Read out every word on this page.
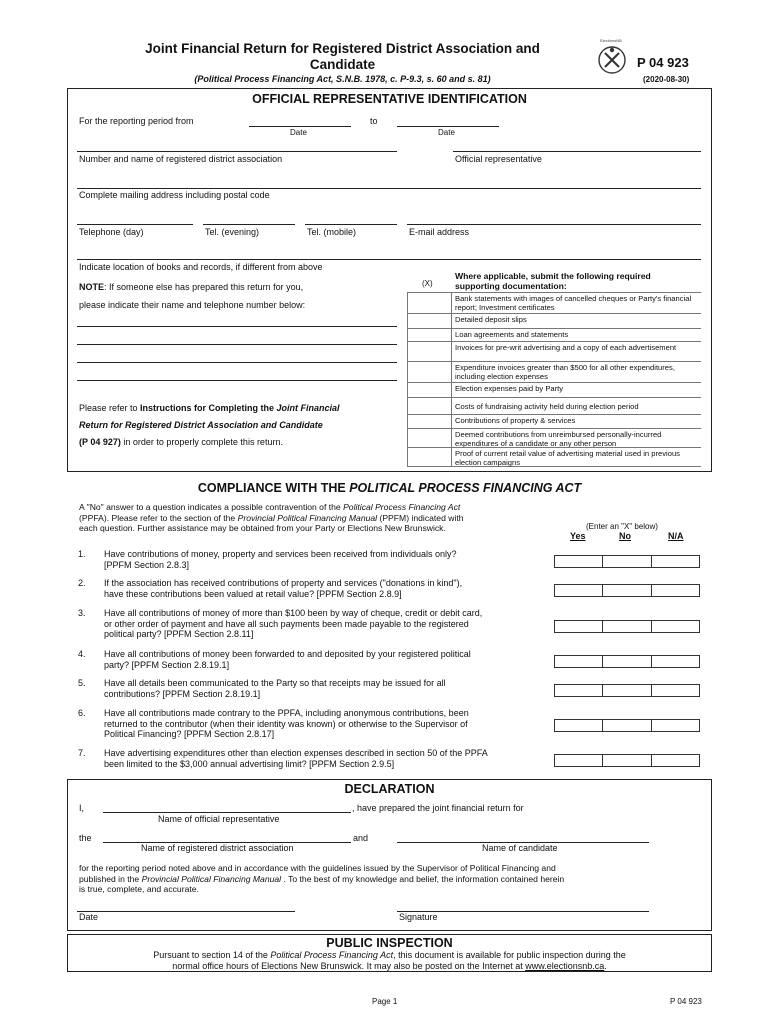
Joint Financial Return for Registered District Association and
Candidate
(Political Process Financing Act, S.N.B. 1978, c. P-9.3, s. 60 and s. 81)
ElectionsNB
P 04 923
(2020-08-30)
OFFICIAL REPRESENTATIVE IDENTIFICATION
For the reporting period from
Date
to
Date
Number and name of registered district association	Official representative
Complete mailing address including postal code
Telephone (day)	Tel. (evening)	Tel. (mobile)	E-mail address
Indicate location of books and records, if different from above
NOTE: If someone else has prepared this return for you,
please indicate their name and telephone number below:
Please refer to Instructions for Completing the Joint Financial
Return for Registered District Association and Candidate
(P 04 927) in order to properly complete this return.
(X)
Where applicable, submit the following required
supporting documentation:
Bank statements with images of cancelled cheques or Party's financial report; Investment certificates
Detailed deposit slips
Loan agreements and statements
Invoices for pre-writ advertising and a copy of each advertisement
Expenditure invoices greater than $500 for all other expenditures, including election expenses
Election expenses paid by Party
Costs of fundraising activity held during election period
Contributions of property & services
Deemed contributions from unreimbursed personally-incurred expenditures of a candidate or any other person
Proof of current retail value of advertising material used in previous election campaigns
COMPLIANCE WITH THE POLITICAL PROCESS FINANCING ACT
A "No" answer to a question indicates a possible contravention of the Political Process Financing Act
(PPFA). Please refer to the section of the Provincial Political Financing Manual (PPFM) indicated with
each question. Further assistance may be obtained from your Party or Elections New Brunswick.	(Enter an "X" below)
Yes	No	N/A
1. Have contributions of money, property and services been received from individuals only?
[PPFM Section 2.8.3]
2. If the association has received contributions of property and services ("donations in kind"),
have these contributions been valued at retail value? [PPFM Section 2.8.9]
3. Have all contributions of money of more than $100 been by way of cheque, credit or debit card,
or other order of payment and have all such payments been made payable to the registered
political party? [PPFM Section 2.8.11]
4. Have all contributions of money been forwarded to and deposited by your registered political
party? [PPFM Section 2.8.19.1]
5. Have all details been communicated to the Party so that receipts may be issued for all
contributions? [PPFM Section 2.8.19.1]
6. Have all contributions made contrary to the PPFA, including anonymous contributions, been
returned to the contributor (when their identity was known) or otherwise to the Supervisor of
Political Financing? [PPFM Section 2.8.17]
7. Have advertising expenditures other than election expenses described in section 50 of the PPFA
been limited to the $3,000 annual advertising limit? [PPFM Section 2.9.5]
DECLARATION
I,	, have prepared the joint financial return for
Name of official representative
the	and
Name of registered district association	Name of candidate
for the reporting period noted above and in accordance with the guidelines issued by the Supervisor of Political Financing and
published in the Provincial Political Financing Manual . To the best of my knowledge and belief, the information contained herein
is true, complete, and accurate.
Date	Signature
PUBLIC INSPECTION
Pursuant to section 14 of the Political Process Financing Act, this document is available for public inspection during the
normal office hours of Elections New Brunswick. It may also be posted on the Internet at www.electionsnb.ca.
Page 1	P 04 923
